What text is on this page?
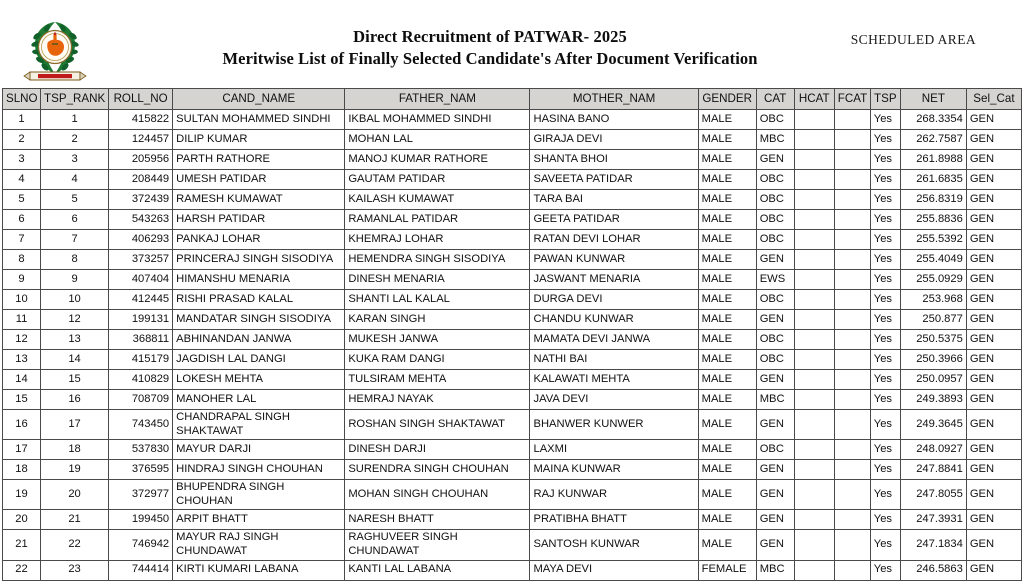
Direct Recruitment of PATWAR- 2025
Meritwise List of Finally Selected Candidate's After Document Verification
SCHEDULED AREA
SLNO	TSP_RANK	ROLL_NO	CAND_NAME	FATHER_NAM	MOTHER_NAM	GENDER	CAT	HCAT	FCAT	TSP	NET	Sel_Cat
1	1	415822	SULTAN MOHAMMED SINDHI	IKBAL MOHAMMED SINDHI	HASINA BANO	MALE	OBC			Yes	268.3354	GEN
2	2	124457	DILIP KUMAR	MOHAN LAL	GIRAJA DEVI	MALE	MBC			Yes	262.7587	GEN
3	3	205956	PARTH RATHORE	MANOJ KUMAR RATHORE	SHANTA BHOI	MALE	GEN			Yes	261.8988	GEN
4	4	208449	UMESH PATIDAR	GAUTAM PATIDAR	SAVEETA PATIDAR	MALE	OBC			Yes	261.6835	GEN
5	5	372439	RAMESH KUMAWAT	KAILASH KUMAWAT	TARA BAI	MALE	OBC			Yes	256.8319	GEN
6	6	543263	HARSH PATIDAR	RAMANLAL PATIDAR	GEETA PATIDAR	MALE	OBC			Yes	255.8836	GEN
7	7	406293	PANKAJ LOHAR	KHEMRAJ LOHAR	RATAN DEVI LOHAR	MALE	OBC			Yes	255.5392	GEN
8	8	373257	PRINCERAJ SINGH SISODIYA	HEMENDRA SINGH SISODIYA	PAWAN KUNWAR	MALE	GEN			Yes	255.4049	GEN
9	9	407404	HIMANSHU MENARIA	DINESH MENARIA	JASWANT MENARIA	MALE	EWS			Yes	255.0929	GEN
10	10	412445	RISHI PRASAD KALAL	SHANTI LAL KALAL	DURGA DEVI	MALE	OBC			Yes	253.968	GEN
11	12	199131	MANDATAR SINGH SISODIYA	KARAN SINGH	CHANDU KUNWAR	MALE	GEN			Yes	250.877	GEN
12	13	368811	ABHINANDAN JANWA	MUKESH JANWA	MAMATA DEVI JANWA	MALE	OBC			Yes	250.5375	GEN
13	14	415179	JAGDISH LAL DANGI	KUKA RAM DANGI	NATHI BAI	MALE	OBC			Yes	250.3966	GEN
14	15	410829	LOKESH MEHTA	TULSIRAM MEHTA	KALAWATI MEHTA	MALE	GEN			Yes	250.0957	GEN
15	16	708709	MANOHER LAL	HEMRAJ NAYAK	JAVA DEVI	MALE	MBC			Yes	249.3893	GEN
16	17	743450	CHANDRAPAL SINGH SHAKTAWAT	ROSHAN SINGH SHAKTAWAT	BHANWER KUNWER	MALE	GEN			Yes	249.3645	GEN
17	18	537830	MAYUR DARJI	DINESH DARJI	LAXMI	MALE	OBC			Yes	248.0927	GEN
18	19	376595	HINDRAJ SINGH CHOUHAN	SURENDRA SINGH CHOUHAN	MAINA KUNWAR	MALE	GEN			Yes	247.8841	GEN
19	20	372977	BHUPENDRA SINGH CHOUHAN	MOHAN SINGH CHOUHAN	RAJ KUNWAR	MALE	GEN			Yes	247.8055	GEN
20	21	199450	ARPIT BHATT	NARESH BHATT	PRATIBHA BHATT	MALE	GEN			Yes	247.3931	GEN
21	22	746942	MAYUR RAJ SINGH CHUNDAWAT	RAGHUVEER SINGH CHUNDAWAT	SANTOSH KUNWAR	MALE	GEN			Yes	247.1834	GEN
22	23	744414	KIRTI KUMARI LABANA	KANTI LAL LABANA	MAYA DEVI	FEMALE	MBC			Yes	246.5863	GEN
